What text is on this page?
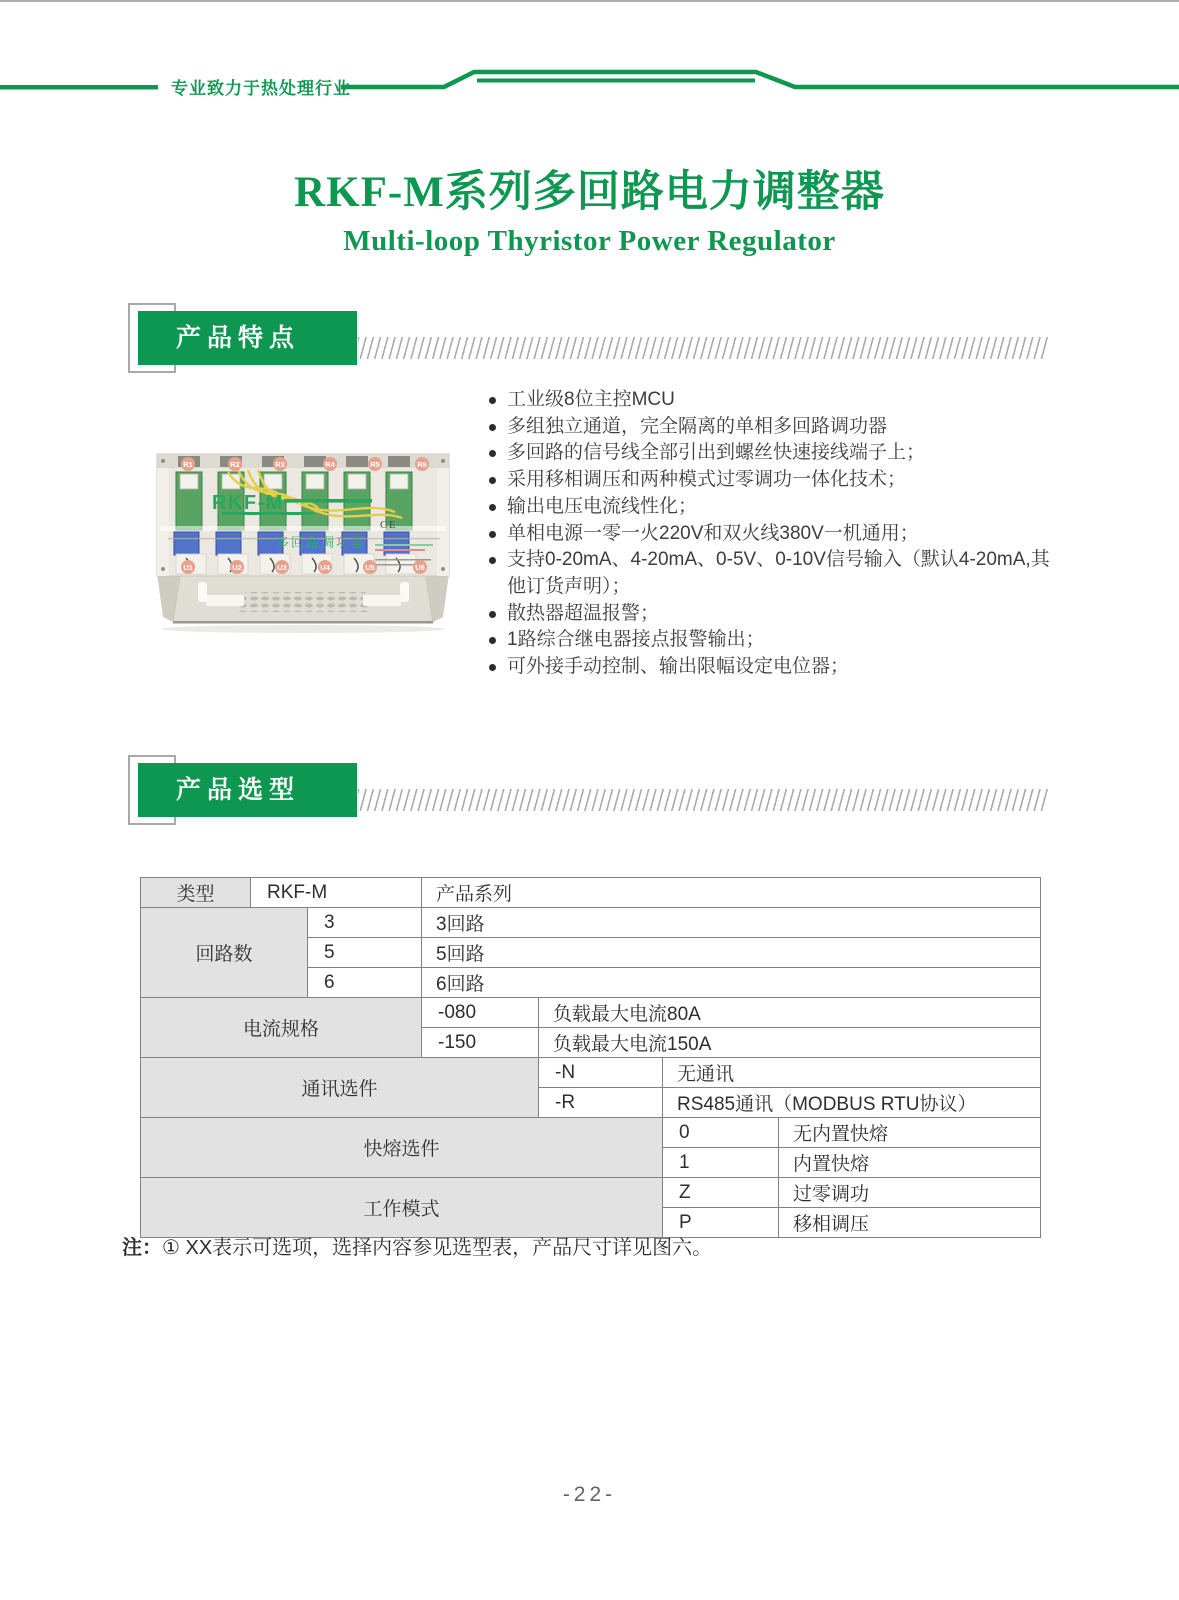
专业致力于热处理行业
RKF-M系列多回路电力调整器
Multi-loop Thyristor Power Regulator
产品特点
工业级8位主控MCU
多组独立通道，完全隔离的单相多回路调功器
多回路的信号线全部引出到螺丝快速接线端子上；
采用移相调压和两种模式过零调功一体化技术；
输出电压电流线性化；
单相电源一零一火220V和双火线380V一机通用；
支持0-20mA、4-20mA、0-5V、0-10V信号输入（默认4-20mA,其他订货声明）；
散热器超温报警；
1路综合继电器接点报警输出；
可外接手动控制、输出限幅设定电位器；
RKF-M
多回路调功器
CE
R1	R2	R3	R4	R5	R6
U1	U2	U3	U4	U5	U6
产品选型
类型	RKF-M		产品系列			
回路数		3	3回路			
		5	5回路			
		6	6回路			
电流规格			-080	负载最大电流80A		
			-150	负载最大电流150A		
通讯选件				-N	无通讯	
				-R	RS485通讯（MODBUS RTU协议）	
快熔选件					0	无内置快熔
					1	内置快熔
工作模式					Z	过零调功
					P	移相调压
注：① XX表示可选项，选择内容参见选型表，产品尺寸详见图六。
-22-
